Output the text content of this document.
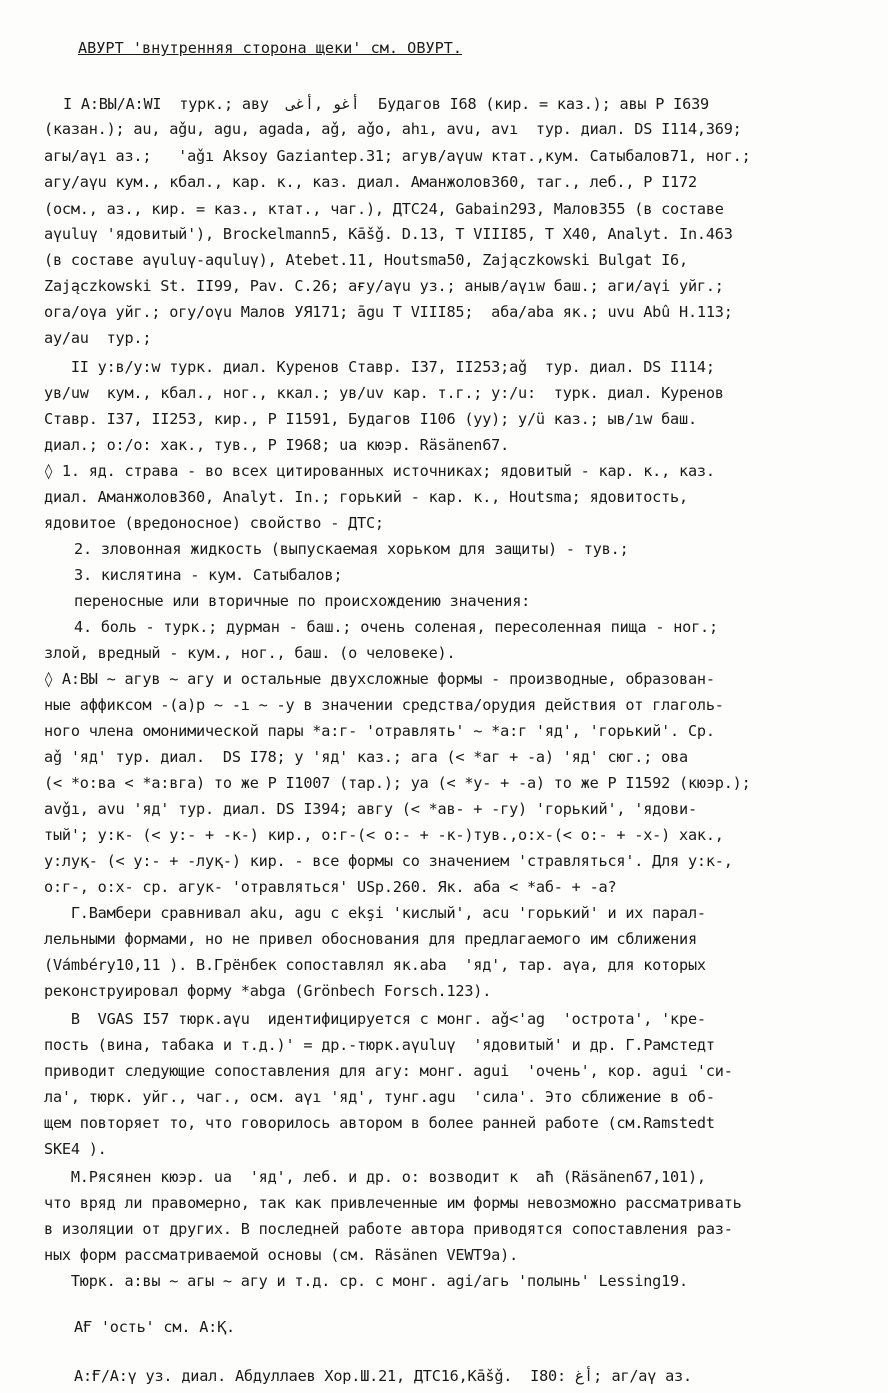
АВУРТ 'внутренняя сторона щеки' см. ОВУРТ.
I А:ВЫ/А:WI  турк.; аву  أغو ,أغى  Будагов I68 (кир. = каз.); авы Р I639
(казан.); au, aǧu, agu, agada, aǧ, aǧo, ahı, avu, avı  тур. диал. DS I114,369;
агы/аүı аз.;   'aǧı Aksoy Gaziantep.31; агув/аүuw ктат.,кум. Сатыбалов71, ног.;
агу/аүu кум., кбал., кар. к., каз. диал. Аманжолов360, таг., леб., Р I172
(осм., аз., кир. = каз., ктат., чаг.), ДТС24, Gabain293, Малов355 (в составе
аүuluү 'ядовитый'), Brockelmann5, Kāšǧ. D.13, Т VIII85, Т X40, Analyt. In.463
(в составе аүuluү-aquluү), Atebet.11, Houtsma50, Zajączkowski Bulgat I6,
Zajączkowski St. II99, Pav. C.26; ағу/аүu уз.; аныв/аүıw баш.; аги/аүi уйг.;
ога/оүа уйг.; огу/оүu Малов УЯ171; āgu Т VIII85;  аба/aba як.; uvu Abû H.113;
ау/au  тур.;
II у:в/у:w турк. диал. Куренов Ставр. I37, II253;аǧ  тур. диал. DS I114;
ув/uw  кум., кбал., ног., ккал.; ув/uv кар. т.г.; у:/u:  турк. диал. Куренов
Ставр. I37, II253, кир., Р I1591, Будагов I106 (уу); у/ü каз.; ыв/ıw баш.
диал.; о:/о: хак., тув., Р I968; ua кюэр. Räsänen67.
◊ 1. яд. страва - во всех цитированных источниках; ядовитый - кар. к., каз.
диал. Аманжолов360, Analyt. In.; горький - кар. к., Houtsma; ядовитость,
ядовитое (вредоносное) свойство - ДТС;
2. зловонная жидкость (выпускаемая хорьком для защиты) - тув.;
3. кислятина - кум. Сатыбалов;
переносные или вторичные по происхождению значения:
4. боль - турк.; дурман - баш.; очень соленая, пересоленная пища - ног.;
злой, вредный - кум., ног., баш. (о человеке).
◊ А:ВЫ ~ агув ~ агу и остальные двухсложные формы - производные, образован-
ные аффиксом -(а)р ~ -ı ~ -у в значении средства/орудия действия от глаголь-
ного члена омонимической пары *а:г- 'отравлять' ~ *а:г 'яд', 'горький'. Ср.
aǧ 'яд' тур. диал.  DS I78; у 'яд' каз.; ага (< *аг + -а) 'яд' сюг.; ова
(< *о:ва < *а:вга) то же Р I1007 (тар.); уа (< *у- + -а) то же Р I1592 (кюэр.);
avǧı, avu 'яд' тур. диал. DS I394; авгу (< *ав- + -гу) 'горький', 'ядови-
тый'; у:к- (< у:- + -к-) кир., о:г-(< о:- + -к-)тув.,о:х-(< о:- + -х-) хак.,
у:луқ- (< у:- + -луқ-) кир. - все формы со значением 'стравляться'. Для у:к-,
о:г-, о:х- ср. агук- 'отравляться' USp.260. Як. аба < *аб- + -а?
Г.Вамбери сравнивал aku, agu с ekşi 'кислый', acu 'горький' и их парал-
лельными формами, но не привел обоснования для предлагаемого им сближения
(Vámbéry10,11 ). В.Грёнбек сопоставлял як.aba  'яд', тар. аүа, для которых
реконструировал форму *abga (Grönbech Forsch.123).
В  VGAS I57 тюрк.аүu  идентифицируется с монг. aǧ<'ag  'острота', 'кре-
пость (вина, табака и т.д.)' = др.-тюрк.аүuluү  'ядовитый' и др. Г.Рамстедт
приводит следующие сопоставления для агу: монг. agui  'очень', кор. agui 'си-
ла', тюрк. уйг., чаг., осм. аүı 'яд', тунг.agu  'сила'. Это сближение в об-
щем повторяет то, что говорилось автором в более ранней работе (см.Ramstedt
SKE4 ).
М.Рясянен кюэр. ua  'яд', леб. и др. о: возводит к  aħ (Räsänen67,101),
что вряд ли правомерно, так как привлеченные им формы невозможно рассматривать
в изоляции от других. В последней работе автора приводятся сопоставления раз-
ных форм рассматриваемой основы (см. Räsänen VEWT9a).
Тюрк. а:вы ~ агы ~ агу и т.д. ср. с монг. agi/агь 'полынь' Lessing19.
АҒ 'ость' см. А:Қ.
А:Ғ/А:ү уз. диал. Абдуллаев Хор.Ш.21, ДТС16,Kāšǧ.  I80: أغ; аг/аү аз.
